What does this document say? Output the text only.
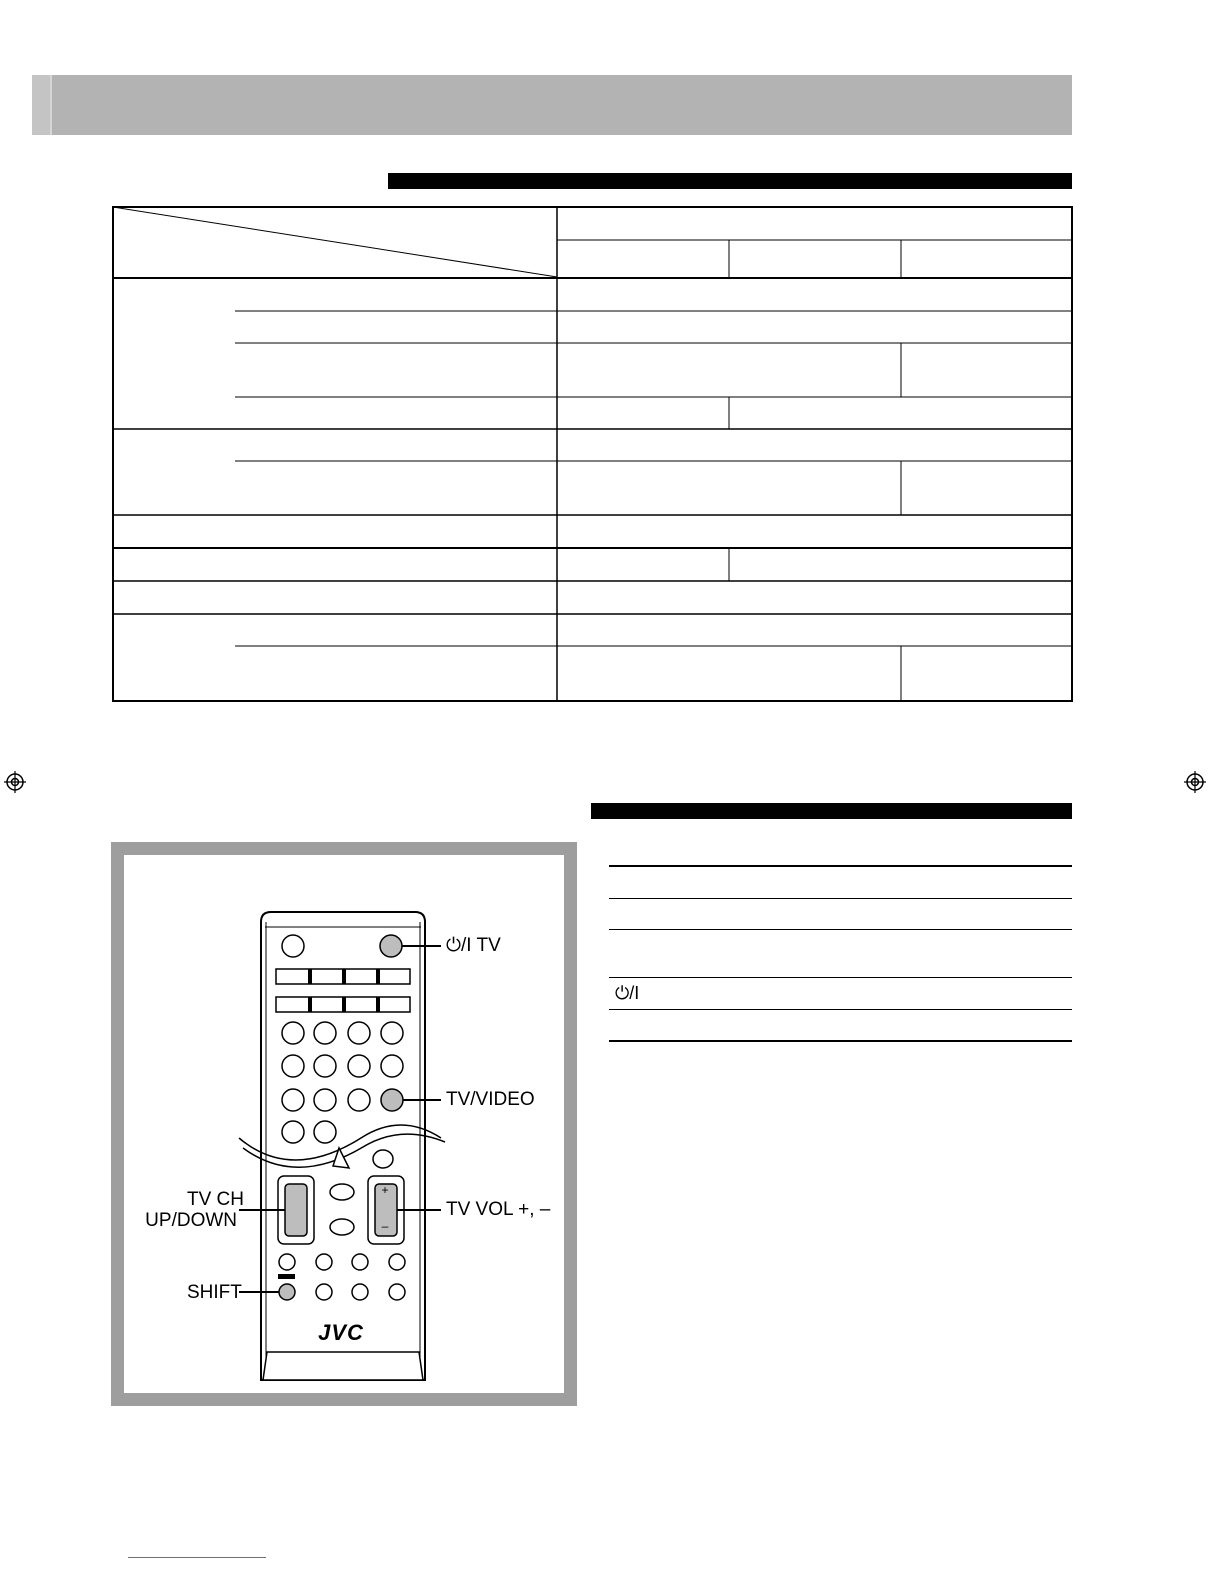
⏻/I
⏻/I TV
TV/VIDEO
TV CH
UP/DOWN
TV VOL +, –
SHIFT
+
–
JVC
